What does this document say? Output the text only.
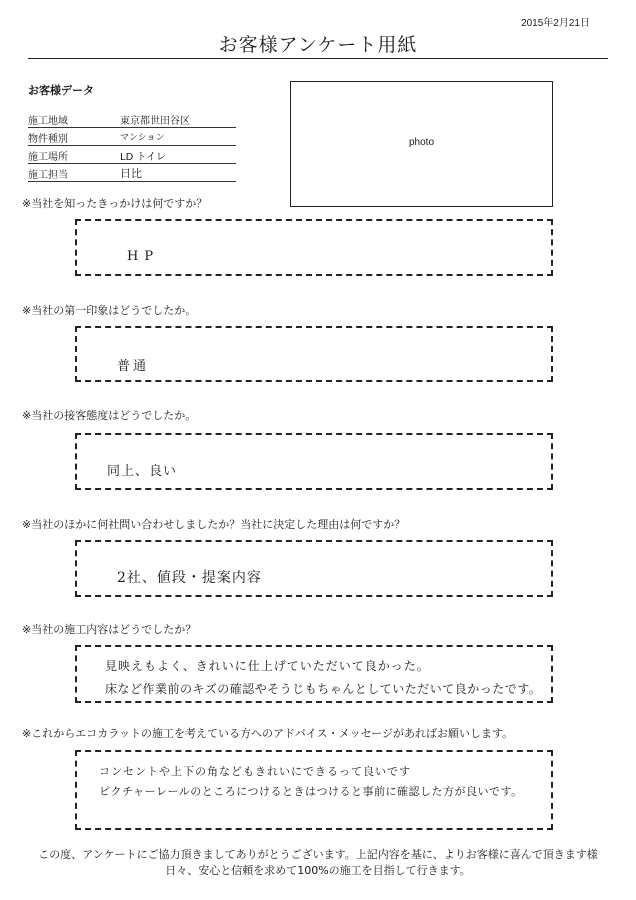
2015年2月21日
お客様アンケート用紙
お客様データ
施工地域	東京都世田谷区
物件種別	マンション
施工場所	LD トイレ
施工担当	日比
photo
※当社を知ったきっかけは何ですか？
HP
※当社の第一印象はどうでしたか。
普通
※当社の接客態度はどうでしたか。
同上、良い
※当社のほかに何社問い合わせしましたか？当社に決定した理由は何ですか？
2社、値段・提案内容
※当社の施工内容はどうでしたか？
見映えもよく、きれいに仕上げていただいて良かった。
床など作業前のキズの確認やそうじもちゃんとしていただいて良かったです。
※これからエコカラットの施工を考えている方へのアドバイス・メッセージがあればお願いします。
コンセントや上下の角などもきれいにできるって良いです
ピクチャーレールのところにつけるときはつけると事前に確認した方が良いです。
この度、アンケートにご協力頂きましてありがとうございます。上記内容を基に、よりお客様に喜んで頂きます様
日々、安心と信頼を求めて100%の施工を目指して行きます。
